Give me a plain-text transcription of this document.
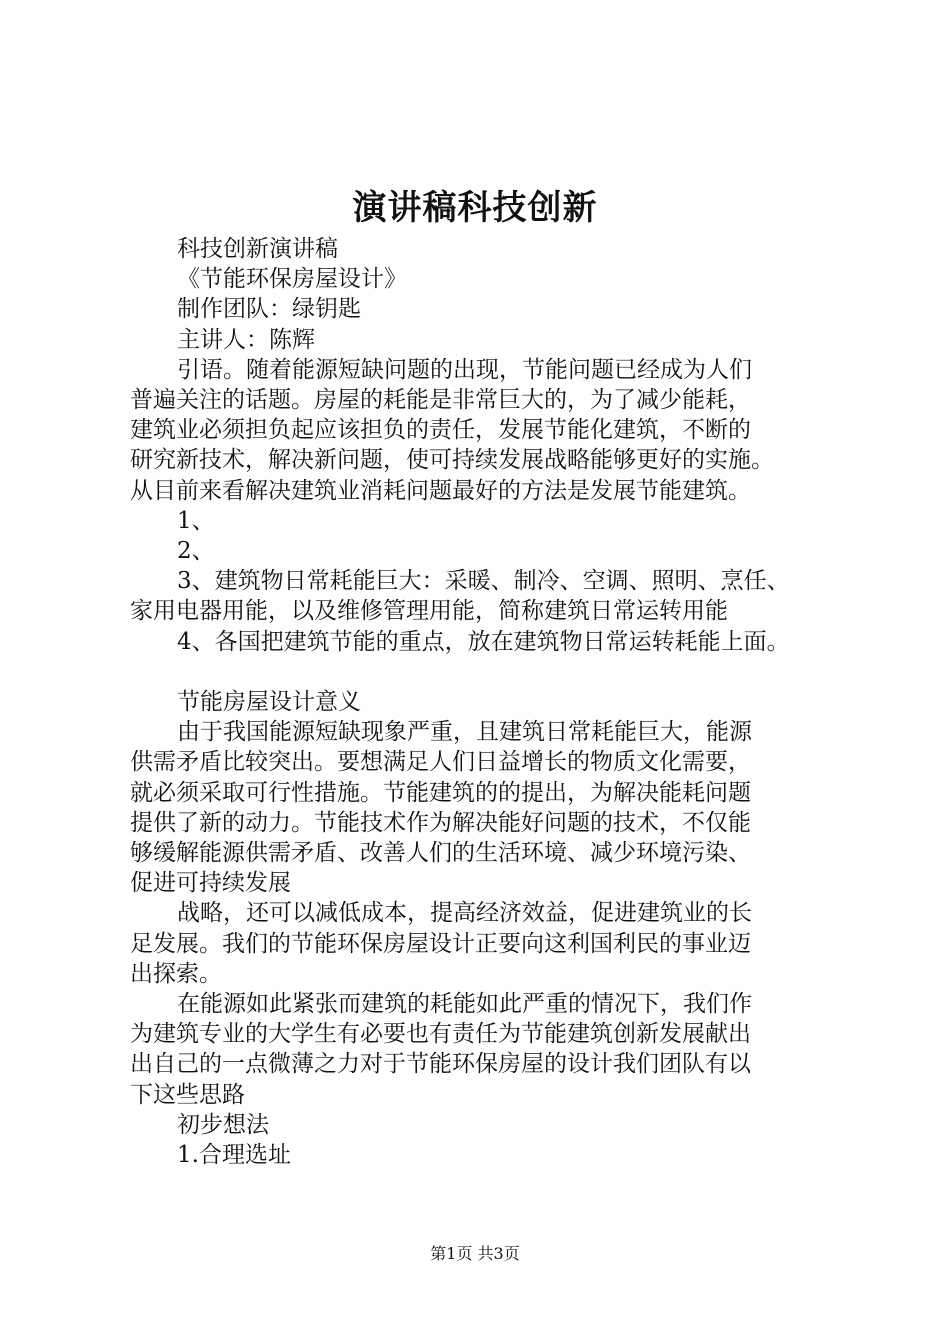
演讲稿科技创新
科技创新演讲稿
《节能环保房屋设计》
制作团队：绿钥匙
主讲人：陈辉
引语。随着能源短缺问题的出现，节能问题已经成为人们
普遍关注的话题。房屋的耗能是非常巨大的，为了减少能耗，
建筑业必须担负起应该担负的责任，发展节能化建筑，不断的
研究新技术，解决新问题，使可持续发展战略能够更好的实施。
从目前来看解决建筑业消耗问题最好的方法是发展节能建筑。
1、
2、
3、建筑物日常耗能巨大：采暖、制冷、空调、照明、烹任、
家用电器用能，以及维修管理用能，简称建筑日常运转用能
4、各国把建筑节能的重点，放在建筑物日常运转耗能上面。
节能房屋设计意义
由于我国能源短缺现象严重，且建筑日常耗能巨大，能源
供需矛盾比较突出。要想满足人们日益增长的物质文化需要，
就必须采取可行性措施。节能建筑的的提出，为解决能耗问题
提供了新的动力。节能技术作为解决能好问题的技术，不仅能
够缓解能源供需矛盾、改善人们的生活环境、减少环境污染、
促进可持续发展
战略，还可以减低成本，提高经济效益，促进建筑业的长
足发展。我们的节能环保房屋设计正要向这利国利民的事业迈
出探索。
在能源如此紧张而建筑的耗能如此严重的情况下，我们作
为建筑专业的大学生有必要也有责任为节能建筑创新发展献出
出自己的一点微薄之力对于节能环保房屋的设计我们团队有以
下这些思路
初步想法
1.合理选址
第1页 共3页
